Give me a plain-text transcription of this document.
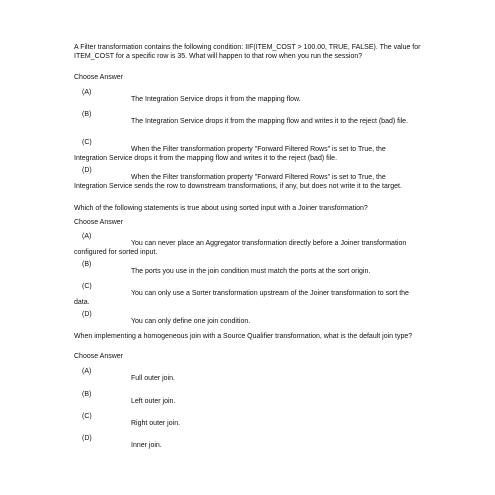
A Filter transformation contains the following condition: IIF(ITEM_COST > 100.00, TRUE, FALSE). The value for ITEM_COST for a specific row is 35. What will happen to that row when you run the session?
Choose Answer
(A)
The Integration Service drops it from the mapping flow.
(B)
The Integration Service drops it from the mapping flow and writes it to the reject (bad) file.
(C)
When the Filter transformation property "Forward Filtered Rows" is set to True, the Integration Service drops it from the mapping flow and writes it to the reject (bad) file.
(D)
When the Filter transformation property "Forward Filtered Rows" is set to True, the Integration Service sends the row to downstream transformations, if any, but does not write it to the target.
Which of the following statements is true about using sorted input with a Joiner transformation?
Choose Answer
(A)
You can never place an Aggregator transformation directly before a Joiner transformation configured for sorted input.
(B)
The ports you use in the join condition must match the ports at the sort origin.
(C)
You can only use a Sorter transformation upstream of the Joiner transformation to sort the data.
(D)
You can only define one join condition.
When implementing a homogeneous join with a Source Qualifier transformation, what is the default join type?
Choose Answer
(A)
Full outer join.
(B)
Left outer join.
(C)
Right outer join.
(D)
Inner join.
